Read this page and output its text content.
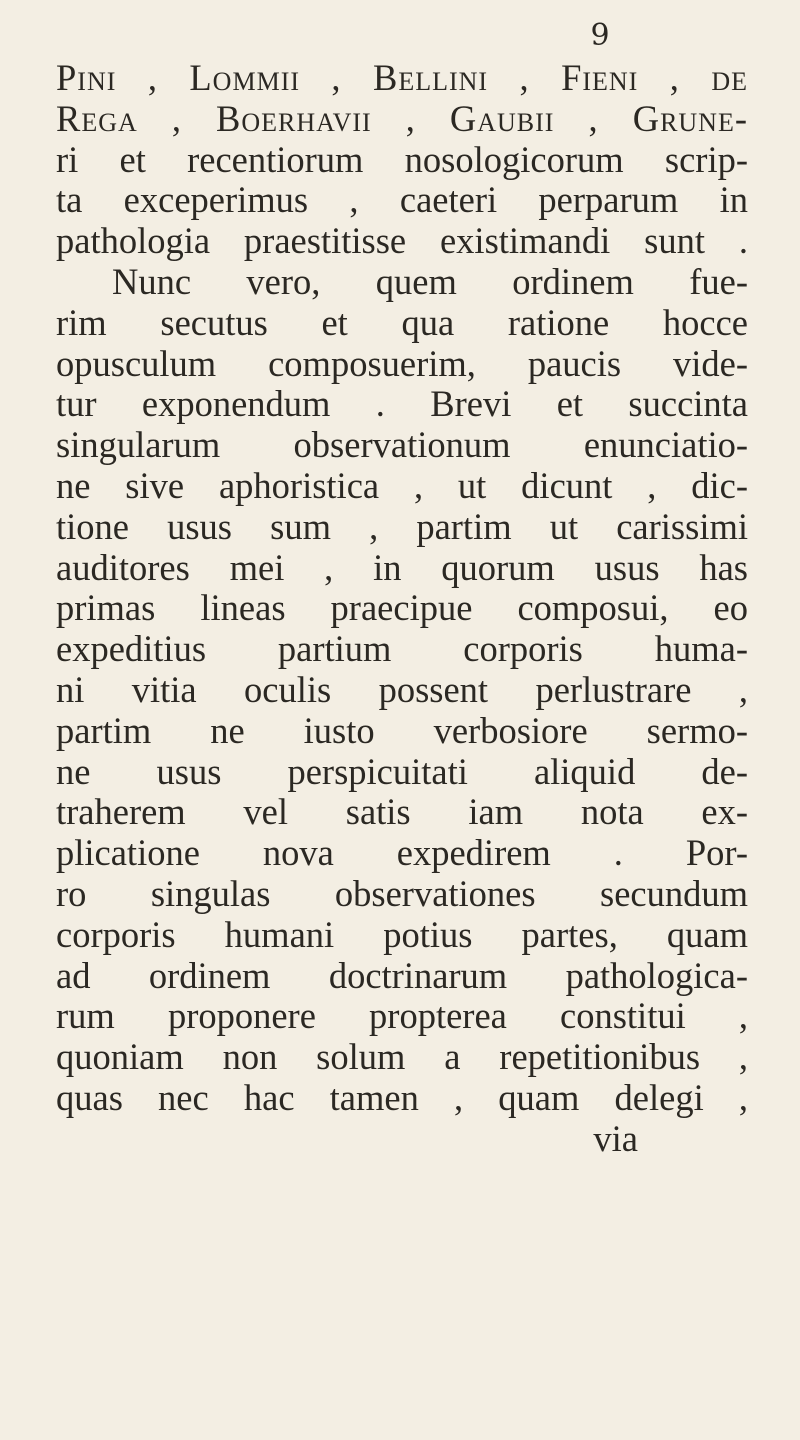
9
Pini , Lommii , Bellini , Fieni , de
Rega , Boerhavii , Gaubii , Grune-
ri et recentiorum nosologicorum scrip-
ta exceperimus , caeteri perparum in
pathologia praestitisse existimandi sunt .
Nunc vero, quem ordinem fue-
rim secutus et qua ratione hocce
opusculum composuerim, paucis vide-
tur exponendum . Brevi et succinta
singularum observationum enunciatio-
ne sive aphoristica , ut dicunt , dic-
tione usus sum , partim ut carissimi
auditores mei , in quorum usus has
primas lineas praecipue composui, eo
expeditius partium corporis huma-
ni vitia oculis possent perlustrare ,
partim ne iusto verbosiore sermo-
ne usus perspicuitati aliquid de-
traherem vel satis iam nota ex-
plicatione nova expedirem . Por-
ro singulas observationes secundum
corporis humani potius partes, quam
ad ordinem doctrinarum pathologica-
rum proponere propterea constitui ,
quoniam non solum a repetitionibus ,
quas nec hac tamen , quam delegi ,
via
